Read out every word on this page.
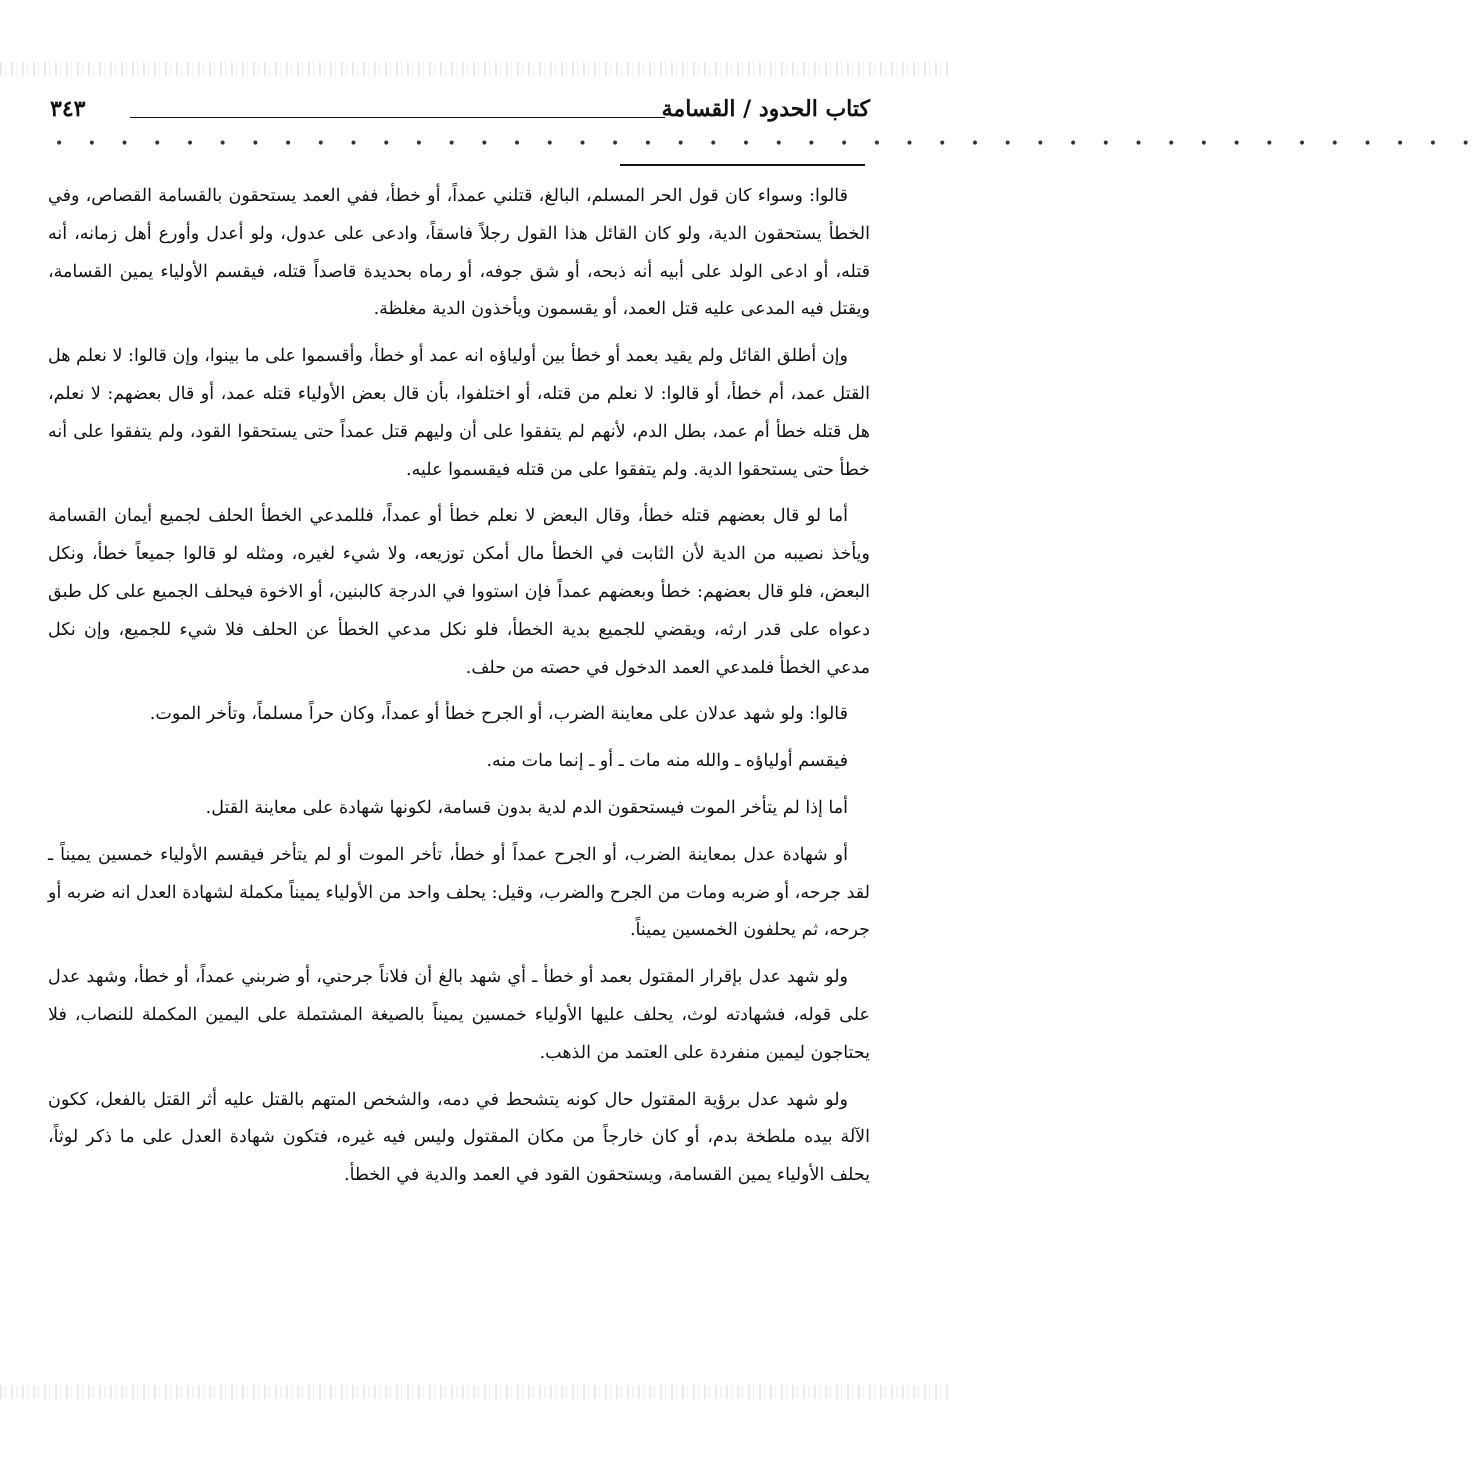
كتاب الحدود / القسامة
٣٤٣
• • • • • • • • • • • • • • • • • • • • • • • • • • • • • • • • • • • • • • • • • • • •

قالوا: وسواء كان قول الحر المسلم، البالغ، قتلني عمداً، أو خطأ، ففي العمد يستحقون بالقسامة القصاص، وفي الخطأ يستحقون الدية، ولو كان القائل هذا القول رجلاً فاسقاً، وادعى على عدول، ولو أعدل وأورع أهل زمانه، أنه قتله، أو ادعى الولد على أبيه أنه ذبحه، أو شق جوفه، أو رماه بحديدة قاصداً قتله، فيقسم الأولياء يمين القسامة، ويقتل فيه المدعى عليه قتل العمد، أو يقسمون ويأخذون الدية مغلظة.

وإن أطلق القائل ولم يقيد بعمد أو خطأ بين أولياؤه انه عمد أو خطأ، وأقسموا على ما بينوا، وإن قالوا: لا نعلم هل القتل عمد، أم خطأ، أو قالوا: لا نعلم من قتله، أو اختلفوا، بأن قال بعض الأولياء قتله عمد، أو قال بعضهم: لا نعلم، هل قتله خطأ أم عمد، بطل الدم، لأنهم لم يتفقوا على أن وليهم قتل عمداً حتى يستحقوا القود، ولم يتفقوا على أنه خطأ حتى يستحقوا الدية. ولم يتفقوا على من قتله فيقسموا عليه.

أما لو قال بعضهم قتله خطأ، وقال البعض لا نعلم خطأ أو عمداً، فللمدعي الخطأ الحلف لجميع أيمان القسامة ويأخذ نصيبه من الدية لأن الثابت في الخطأ مال أمكن توزيعه، ولا شيء لغيره، ومثله لو قالوا جميعاً خطأ، ونكل البعض، فلو قال بعضهم: خطأ وبعضهم عمداً فإن استووا في الدرجة كالبنين، أو الاخوة فيحلف الجميع على كل طبق دعواه على قدر ارثه، ويقضي للجميع بدية الخطأ، فلو نكل مدعي الخطأ عن الحلف فلا شيء للجميع، وإن نكل مدعي الخطأ فلمدعي العمد الدخول في حصته من حلف.

قالوا: ولو شهد عدلان على معاينة الضرب، أو الجرح خطأ أو عمداً، وكان حراً مسلماً، وتأخر الموت.

فيقسم أولياؤه ـ والله منه مات ـ أو ـ إنما مات منه.

أما إذا لم يتأخر الموت فيستحقون الدم لدية بدون قسامة، لكونها شهادة على معاينة القتل.

أو شهادة عدل بمعاينة الضرب، أو الجرح عمداً أو خطأ، تأخر الموت أو لم يتأخر فيقسم الأولياء خمسين يميناً ـ لقد جرحه، أو ضربه ومات من الجرح والضرب، وقيل: يحلف واحد من الأولياء يميناً مكملة لشهادة العدل انه ضربه أو جرحه، ثم يحلفون الخمسين يميناً.

ولو شهد عدل بإقرار المقتول بعمد أو خطأ ـ أي شهد بالغ أن فلاناً جرحني، أو ضربني عمداً، أو خطأ، وشهد عدل على قوله، فشهادته لوث، يحلف عليها الأولياء خمسين يميناً بالصيغة المشتملة على اليمين المكملة للنصاب، فلا يحتاجون ليمين منفردة على العتمد من الذهب.

ولو شهد عدل برؤية المقتول حال كونه يتشحط في دمه، والشخص المتهم بالقتل عليه أثر القتل بالفعل، ككون الآلة بيده ملطخة بدم، أو كان خارجاً من مكان المقتول وليس فيه غيره، فتكون شهادة العدل على ما ذكر لوثاً، يحلف الأولياء يمين القسامة، ويستحقون القود في العمد والدية في الخطأ.
